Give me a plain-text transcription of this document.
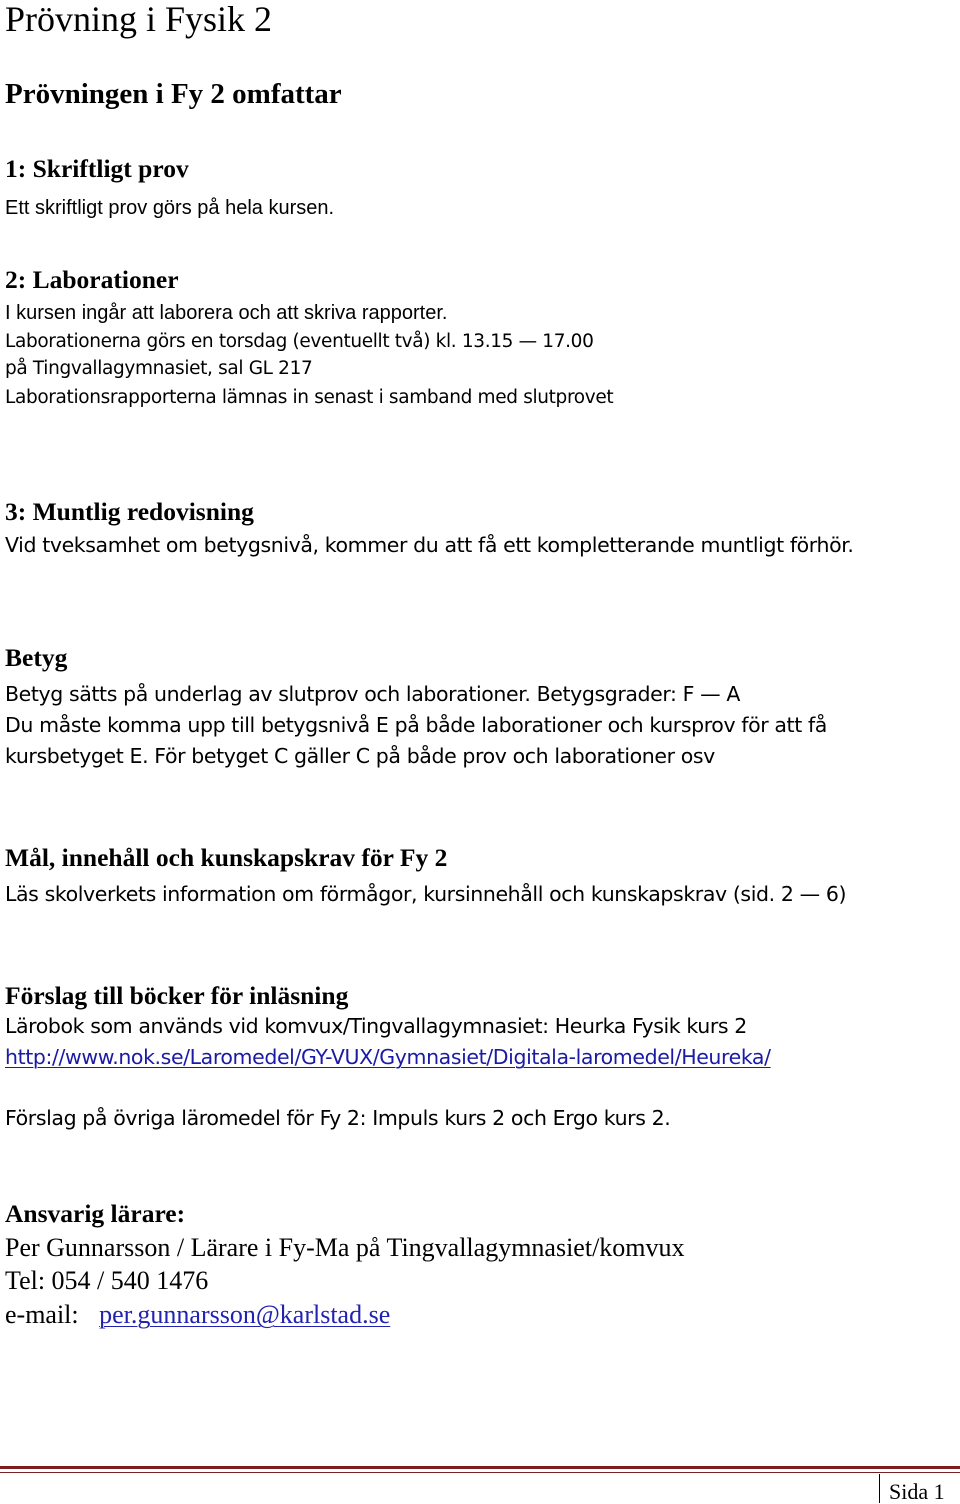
Prövning i Fysik 2
Prövningen i Fy 2 omfattar
1: Skriftligt prov
Ett skriftligt prov görs på hela kursen.
2: Laborationer
I kursen ingår att laborera och att skriva rapporter.
Laborationerna görs en torsdag (eventuellt två) kl. 13.15 — 17.00
på Tingvallagymnasiet, sal GL 217
Laborationsrapporterna lämnas in senast i samband med slutprovet
3: Muntlig redovisning
Vid tveksamhet om betygsnivå, kommer du att få ett kompletterande muntligt förhör.
Betyg
Betyg sätts på underlag av slutprov och laborationer. Betygsgrader: F — A
Du måste komma upp till betygsnivå E på både laborationer och kursprov för att få
kursbetyget E. För betyget C gäller C på både prov och laborationer osv
Mål, innehåll och kunskapskrav för Fy 2
Läs skolverkets information om förmågor, kursinnehåll och kunskapskrav (sid. 2 — 6)
Förslag till böcker för inläsning
Lärobok som används vid komvux/Tingvallagymnasiet: Heurka Fysik kurs 2
http://www.nok.se/Laromedel/GY-VUX/Gymnasiet/Digitala-laromedel/Heureka/
Förslag på övriga läromedel för Fy 2: Impuls kurs 2 och Ergo kurs 2.
Ansvarig lärare:
Per Gunnarsson / Lärare i Fy-Ma på Tingvallagymnasiet/komvux
Tel: 054 / 540 1476
e-mail: per.gunnarsson@karlstad.se
Sida 1
